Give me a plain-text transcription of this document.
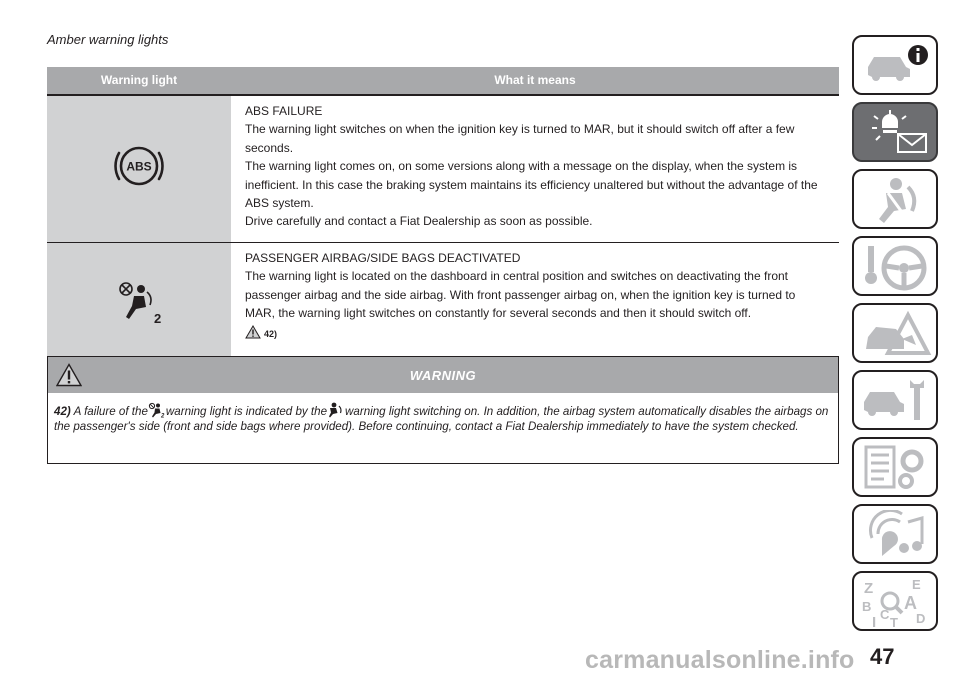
Amber warning lights
Warning light	What it means

ABS	ABS FAILURE
The warning light switches on when the ignition key is turned to MAR, but it should switch off after a few seconds.
The warning light comes on, on some versions along with a message on the display, when the system is inefficient. In this case the braking system maintains its efficiency unaltered but without the advantage of the ABS system.
Drive carefully and contact a Fiat Dealership as soon as possible.

2	PASSENGER AIRBAG/SIDE BAGS DEACTIVATED
The warning light is located on the dashboard in central position and switches on deactivating the front passenger airbag and the side airbag. With front passenger airbag on, when the ignition key is turned to MAR, the warning light switches on constantly for several seconds and then it should switch off.
42)
WARNING
42) A failure of the 2 warning light is indicated by the warning light switching on. In addition, the airbag system automatically disables the airbags on the passenger's side (front and side bags where provided). Before continuing, contact a Fiat Dealership immediately to have the system checked.
Z	E
B A
I C
T D
47
carmanualsonline.info
